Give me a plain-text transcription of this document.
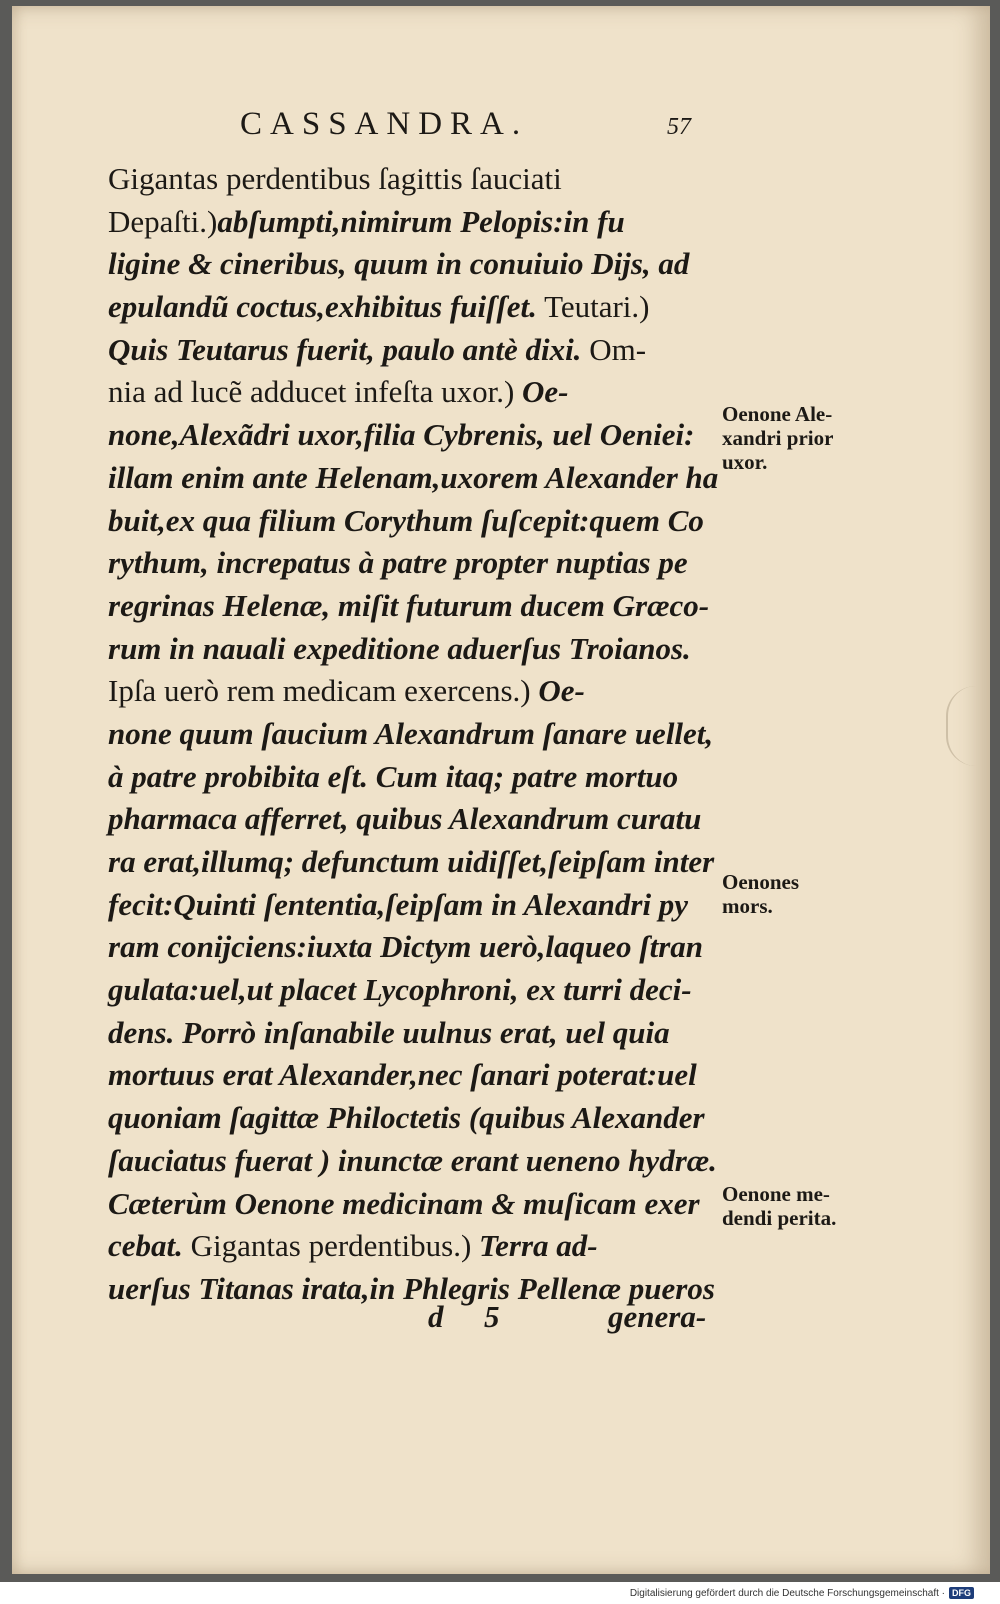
CASSANDRA.	57
Gigantas perdentibus ſagittis ſauciati
Depaſti.)abſumpti,nimirum Pelopis:in fu
ligine & cineribus, quum in conuiuio Dijs, ad
epulandũ coctus,exhibitus fuiſſet. Teutari.)
Quis Teutarus fuerit, paulo antè dixi. Om-
nia ad lucẽ adducet infeſta uxor.) Oe-
none,Alexãdri uxor,filia Cybrenis, uel Oeniei:
illam enim ante Helenam,uxorem Alexander ha
buit,ex qua filium Corythum ſuſcepit:quem Co
rythum, increpatus à patre propter nuptias pe
regrinas Helenæ, miſit futurum ducem Græco-
rum in nauali expeditione aduerſus Troianos.
Ipſa uerò rem medicam exercens.) Oe-
none quum ſaucium Alexandrum ſanare uellet,
à patre probibita eſt. Cum itaq; patre mortuo
pharmaca afferret, quibus Alexandrum curatu
ra erat,illumq; defunctum uidiſſet,ſeipſam inter
fecit:Quinti ſententia,ſeipſam in Alexandri py
ram conijciens:iuxta Dictym uerò,laqueo ſtran
gulata:uel,ut placet Lycophroni, ex turri deci-
dens. Porrò inſanabile uulnus erat, uel quia
mortuus erat Alexander,nec ſanari poterat:uel
quoniam ſagittæ Philoctetis (quibus Alexander
ſauciatus fuerat ) inunctæ erant ueneno hydræ.
Cæterùm Oenone medicinam & muſicam exer
cebat. Gigantas perdentibus.) Terra ad-
uerſus Titanas irata,in Phlegris Pellenæ pueros
d 5	genera-
Oenone Ale-
xandri prior
uxor.
Oenones
mors.
Oenone me-
dendi perita.
Digitalisierung gefördert durch die Deutsche Forschungsgemeinschaft · DFG
